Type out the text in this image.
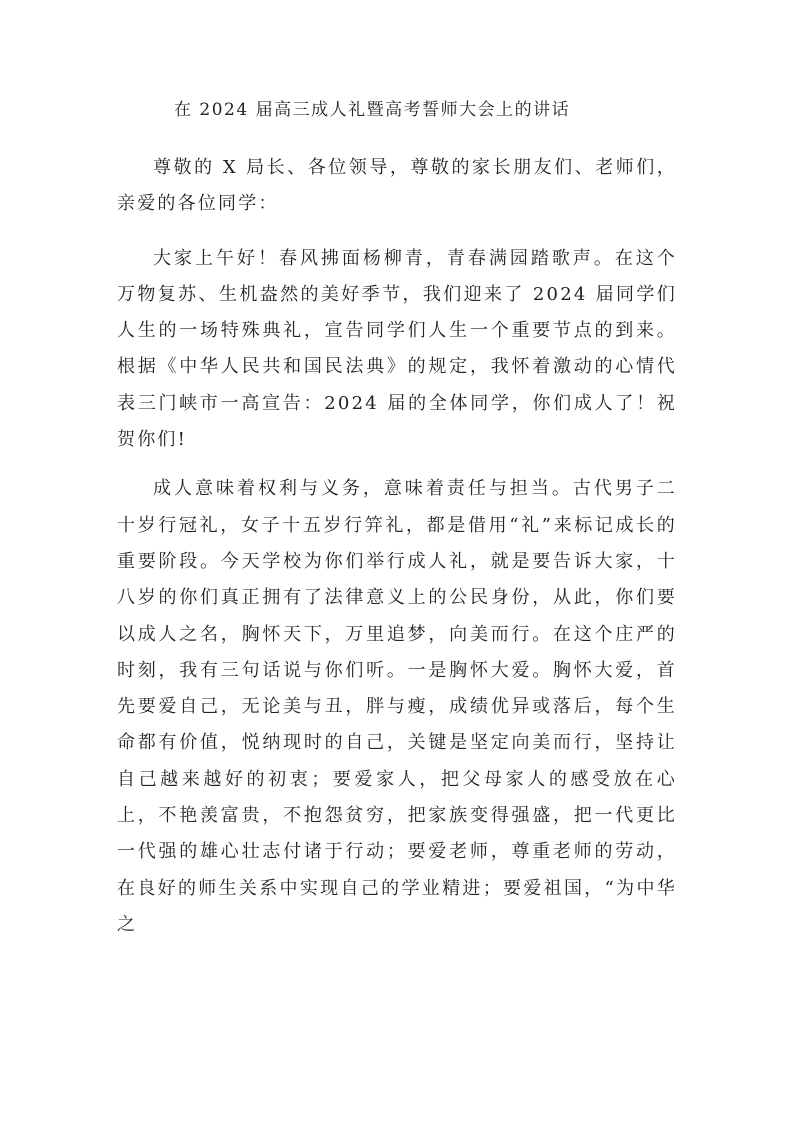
在 2024 届高三成人礼暨高考誓师大会上的讲话

尊敬的 X 局长、各位领导，尊敬的家长朋友们、老师们，亲爱的各位同学：

大家上午好！春风拂面杨柳青，青春满园踏歌声。在这个万物复苏、生机盎然的美好季节，我们迎来了 2024 届同学们人生的一场特殊典礼，宣告同学们人生一个重要节点的到来。根据《中华人民共和国民法典》的规定，我怀着激动的心情代表三门峡市一高宣告：2024 届的全体同学，你们成人了！祝贺你们!

成人意味着权利与义务，意味着责任与担当。古代男子二十岁行冠礼，女子十五岁行笄礼，都是借用“礼”来标记成长的重要阶段。今天学校为你们举行成人礼，就是要告诉大家，十八岁的你们真正拥有了法律意义上的公民身份，从此，你们要以成人之名，胸怀天下，万里追梦，向美而行。在这个庄严的时刻，我有三句话说与你们听。一是胸怀大爱。胸怀大爱，首先要爱自己，无论美与丑，胖与瘦，成绩优异或落后，每个生命都有价值，悦纳现时的自己，关键是坚定向美而行，坚持让自己越来越好的初衷；要爱家人，把父母家人的感受放在心上，不艳羡富贵，不抱怨贫穷，把家族变得强盛，把一代更比一代强的雄心壮志付诸于行动；要爱老师，尊重老师的劳动，在良好的师生关系中实现自己的学业精进；要爱祖国，“为中华之
